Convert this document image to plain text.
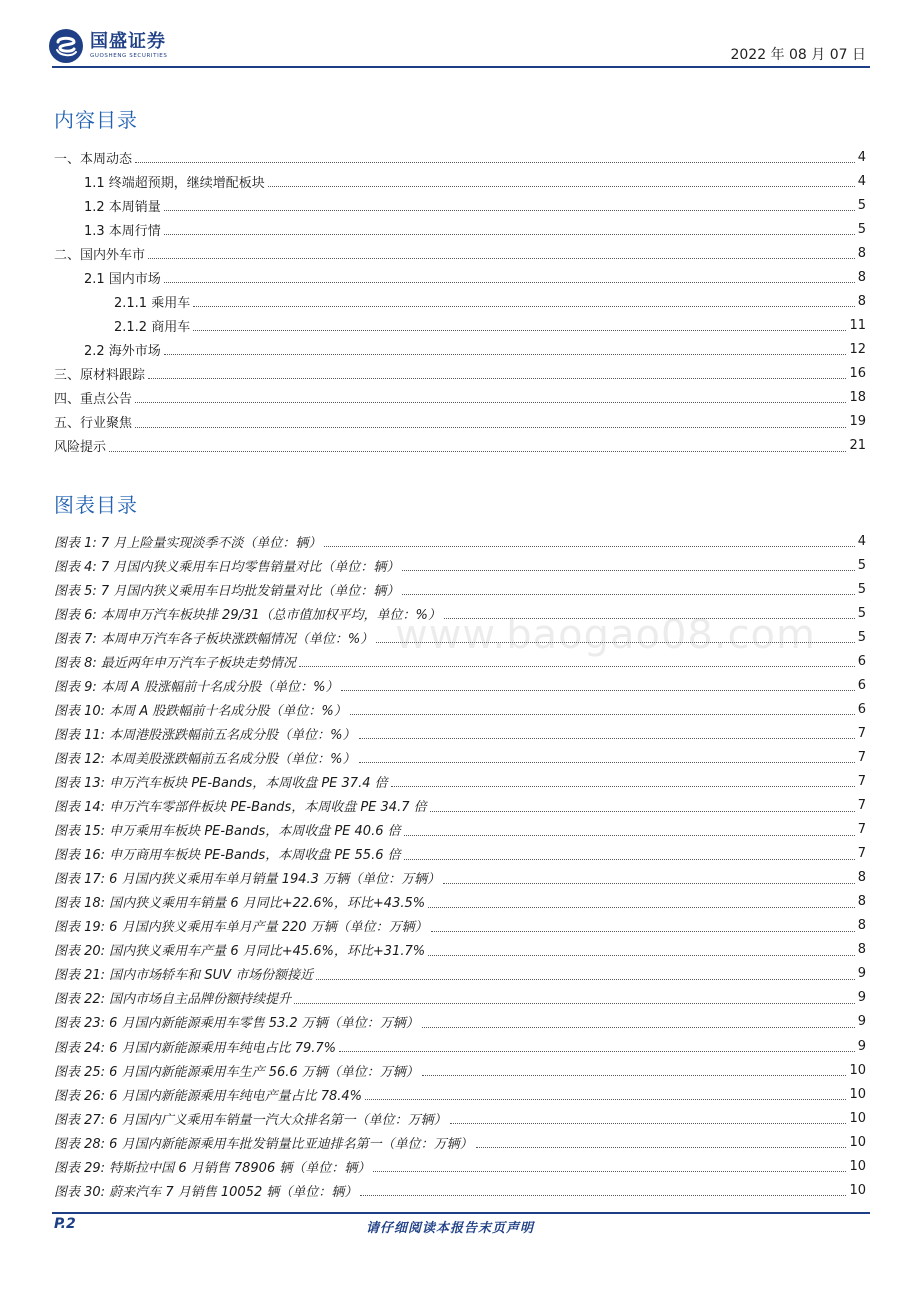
国盛证券
GUOSHENG SECURITIES	2022 年 08 月 07 日
内容目录
一、本周动态	4
1.1 终端超预期，继续增配板块	4
1.2 本周销量	5
1.3 本周行情	5
二、国内外车市	8
2.1 国内市场	8
2.1.1 乘用车	8
2.1.2 商用车	11
2.2 海外市场	12
三、原材料跟踪	16
四、重点公告	18
五、行业聚焦	19
风险提示	21
图表目录
图表 1: 7 月上险量实现淡季不淡（单位：辆）	4
图表 4: 7 月国内狭义乘用车日均零售销量对比（单位：辆）	5
图表 5: 7 月国内狭义乘用车日均批发销量对比（单位：辆）	5
图表 6: 本周申万汽车板块排 29/31（总市值加权平均，单位：%）	5
图表 7: 本周申万汽车各子板块涨跌幅情况（单位：%）	5
图表 8: 最近两年申万汽车子板块走势情况	6
图表 9: 本周 A 股涨幅前十名成分股（单位：%）	6
图表 10: 本周 A 股跌幅前十名成分股（单位：%）	6
图表 11: 本周港股涨跌幅前五名成分股（单位：%）	7
图表 12: 本周美股涨跌幅前五名成分股（单位：%）	7
图表 13: 申万汽车板块 PE-Bands，本周收盘 PE 37.4 倍	7
图表 14: 申万汽车零部件板块 PE-Bands，本周收盘 PE 34.7 倍	7
图表 15: 申万乘用车板块 PE-Bands，本周收盘 PE 40.6 倍	7
图表 16: 申万商用车板块 PE-Bands，本周收盘 PE 55.6 倍	7
图表 17: 6 月国内狭义乘用车单月销量 194.3 万辆（单位：万辆）	8
图表 18: 国内狭义乘用车销量 6 月同比+22.6%，环比+43.5%	8
图表 19: 6 月国内狭义乘用车单月产量 220 万辆（单位：万辆）	8
图表 20: 国内狭义乘用车产量 6 月同比+45.6%，环比+31.7%	8
图表 21: 国内市场轿车和 SUV 市场份额接近	9
图表 22: 国内市场自主品牌份额持续提升	9
图表 23: 6 月国内新能源乘用车零售 53.2 万辆（单位：万辆）	9
图表 24: 6 月国内新能源乘用车纯电占比 79.7%	9
图表 25: 6 月国内新能源乘用车生产 56.6 万辆（单位：万辆）	10
图表 26: 6 月国内新能源乘用车纯电产量占比 78.4%	10
图表 27: 6 月国内广义乘用车销量一汽大众排名第一（单位：万辆）	10
图表 28: 6 月国内新能源乘用车批发销量比亚迪排名第一（单位：万辆）	10
图表 29: 特斯拉中国 6 月销售 78906 辆（单位：辆）	10
图表 30: 蔚来汽车 7 月销售 10052 辆（单位：辆）	10
www.baogao08.com
P.2	请仔细阅读本报告末页声明
